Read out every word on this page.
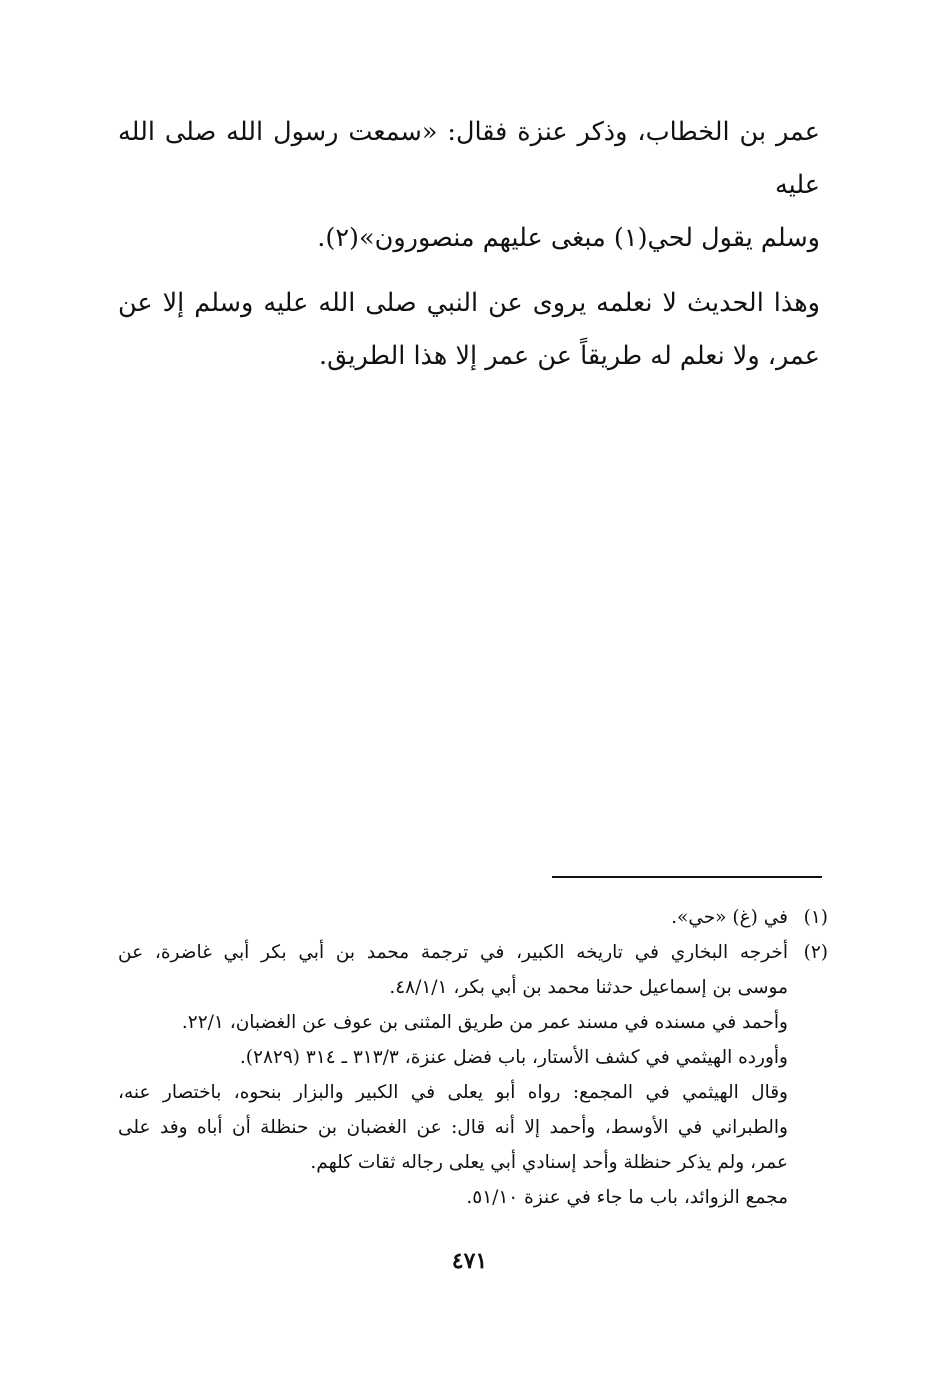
عمر بن الخطاب، وذكر عنزة فقال: «سمعت رسول الله صلى الله عليه
وسلم يقول لحي(١) مبغى عليهم منصورون»(٢).

وهذا الحديث لا نعلمه يروى عن النبي صلى الله عليه وسلم إلا عن
عمر، ولا نعلم له طريقاً عن عمر إلا هذا الطريق.

(١)
في (غ) «حي».
(٢)
أخرجه البخاري في تاريخه الكبير، في ترجمة محمد بن أبي بكر أبي غاضرة، عن
موسى بن إسماعيل حدثنا محمد بن أبي بكر، ٤٨/١/١.
وأحمد في مسنده في مسند عمر من طريق المثنى بن عوف عن الغضبان، ٢٢/١.
وأورده الهيثمي في كشف الأستار، باب فضل عنزة، ٣١٣/٣ ـ ٣١٤ (٢٨٢٩).
وقال الهيثمي في المجمع: رواه أبو يعلى في الكبير والبزار بنحوه، باختصار عنه،
والطبراني في الأوسط، وأحمد إلا أنه قال: عن الغضبان بن حنظلة أن أباه وفد على
عمر، ولم يذكر حنظلة وأحد إسنادي أبي يعلى رجاله ثقات كلهم.
مجمع الزوائد، باب ما جاء في عنزة ٥١/١٠.
٤٧١
